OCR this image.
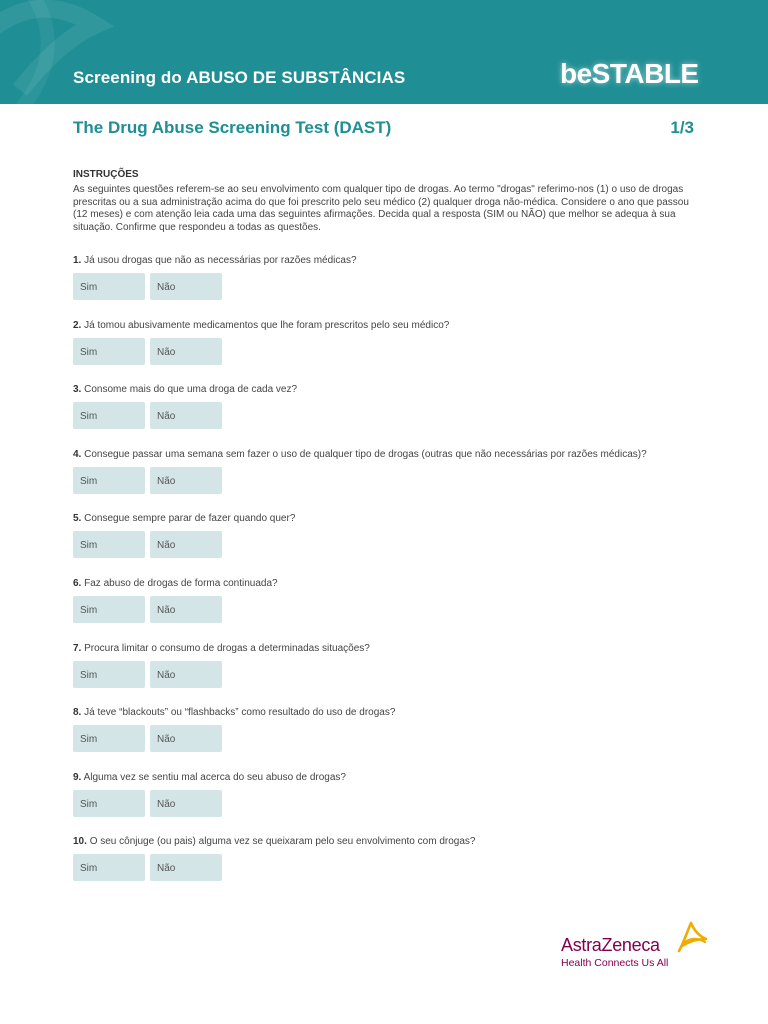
Screening do ABUSO DE SUBSTÂNCIAS	beSTABLE
The Drug Abuse Screening Test (DAST)	1/3
INSTRUÇÕES
As seguintes questões referem-se ao seu envolvimento com qualquer tipo de drogas. Ao termo "drogas" referimo-nos (1) o uso de drogas prescritas ou a sua administração acima do que foi prescrito pelo seu médico (2) qualquer droga não-médica. Considere o ano que passou (12 meses) e com atenção leia cada uma das seguintes afirmações. Decida qual a resposta (SIM ou NÃO) que melhor se adequa à sua situação. Confirme que respondeu a todas as questões.
1. Já usou drogas que não as necessárias por razões médicas?
Sim	Não
2. Já tomou abusivamente medicamentos que lhe foram prescritos pelo seu médico?
Sim	Não
3. Consome mais do que uma droga de cada vez?
Sim	Não
4. Consegue passar uma semana sem fazer o uso de qualquer tipo de drogas (outras que não necessárias por razões médicas)?
Sim	Não
5. Consegue sempre parar de fazer quando quer?
Sim	Não
6. Faz abuso de drogas de forma continuada?
Sim	Não
7. Procura limitar o consumo de drogas a determinadas situações?
Sim	Não
8. Já teve “blackouts” ou “flashbacks” como resultado do uso de drogas?
Sim	Não
9. Alguma vez se sentiu mal acerca do seu abuso de drogas?
Sim	Não
10. O seu cônjuge (ou pais) alguma vez se queixaram pelo seu envolvimento com drogas?
Sim	Não
AstraZeneca
Health Connects Us All
